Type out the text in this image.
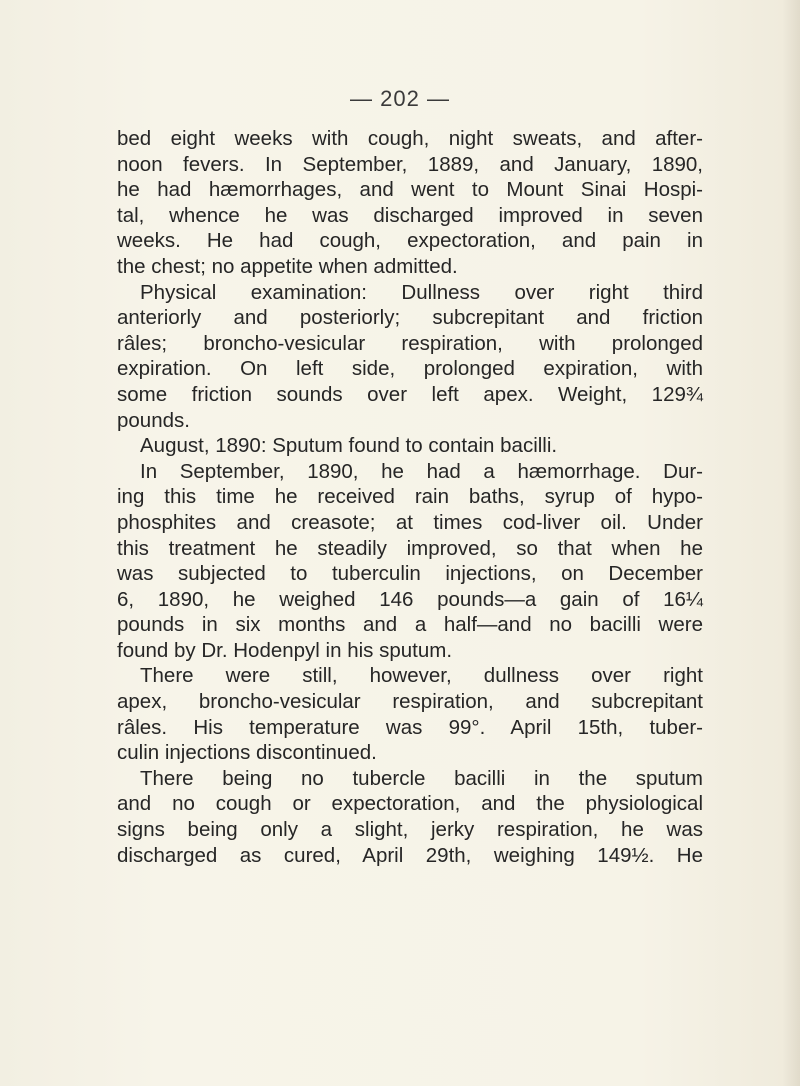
— 202 —
bed eight weeks with cough, night sweats, and after-
noon fevers. In September, 1889, and January, 1890,
he had hæmorrhages, and went to Mount Sinai Hospi-
tal, whence he was discharged improved in seven
weeks. He had cough, expectoration, and pain in
the chest; no appetite when admitted.
Physical examination: Dullness over right third
anteriorly and posteriorly; subcrepitant and friction
râles; broncho-vesicular respiration, with prolonged
expiration. On left side, prolonged expiration, with
some friction sounds over left apex. Weight, 129¾
pounds.
August, 1890: Sputum found to contain bacilli.
In September, 1890, he had a hæmorrhage. Dur-
ing this time he received rain baths, syrup of hypo-
phosphites and creasote; at times cod-liver oil. Under
this treatment he steadily improved, so that when he
was subjected to tuberculin injections, on December
6, 1890, he weighed 146 pounds—a gain of 16¼
pounds in six months and a half—and no bacilli were
found by Dr. Hodenpyl in his sputum.
There were still, however, dullness over right
apex, broncho-vesicular respiration, and subcrepitant
râles. His temperature was 99°. April 15th, tuber-
culin injections discontinued.
There being no tubercle bacilli in the sputum
and no cough or expectoration, and the physiological
signs being only a slight, jerky respiration, he was
discharged as cured, April 29th, weighing 149½. He
